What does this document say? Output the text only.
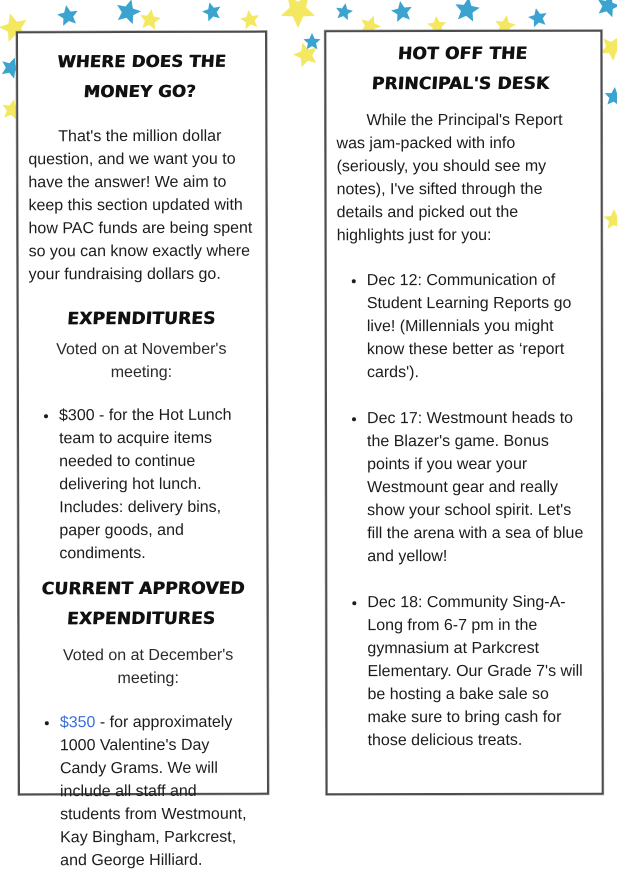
WHERE DOES THE MONEY GO?
That's the million dollar question, and we want you to have the answer! We aim to keep this section updated with how PAC funds are being spent so you can know exactly where your fundraising dollars go.
EXPENDITURES
Voted on at November's meeting:
• $300 - for the Hot Lunch team to acquire items needed to continue delivering hot lunch. Includes: delivery bins, paper goods, and condiments.
CURRENT APPROVED
EXPENDITURES
Voted on at December's meeting:
• $350 - for approximately 1000 Valentine's Day Candy Grams. We will include all staff and students from Westmount, Kay Bingham, Parkcrest, and George Hilliard.
HOT OFF THE
PRINCIPAL'S DESK
While the Principal's Report was jam-packed with info (seriously, you should see my notes), I've sifted through the details and picked out the highlights just for you:
• Dec 12: Communication of Student Learning Reports go live! (Millennials you might know these better as ‘report cards').
• Dec 17: Westmount heads to the Blazer's game. Bonus points if you wear your Westmount gear and really show your school spirit. Let's fill the arena with a sea of blue and yellow!
• Dec 18: Community Sing-A-Long from 6-7 pm in the gymnasium at Parkcrest Elementary. Our Grade 7's will be hosting a bake sale so make sure to bring cash for those delicious treats.
